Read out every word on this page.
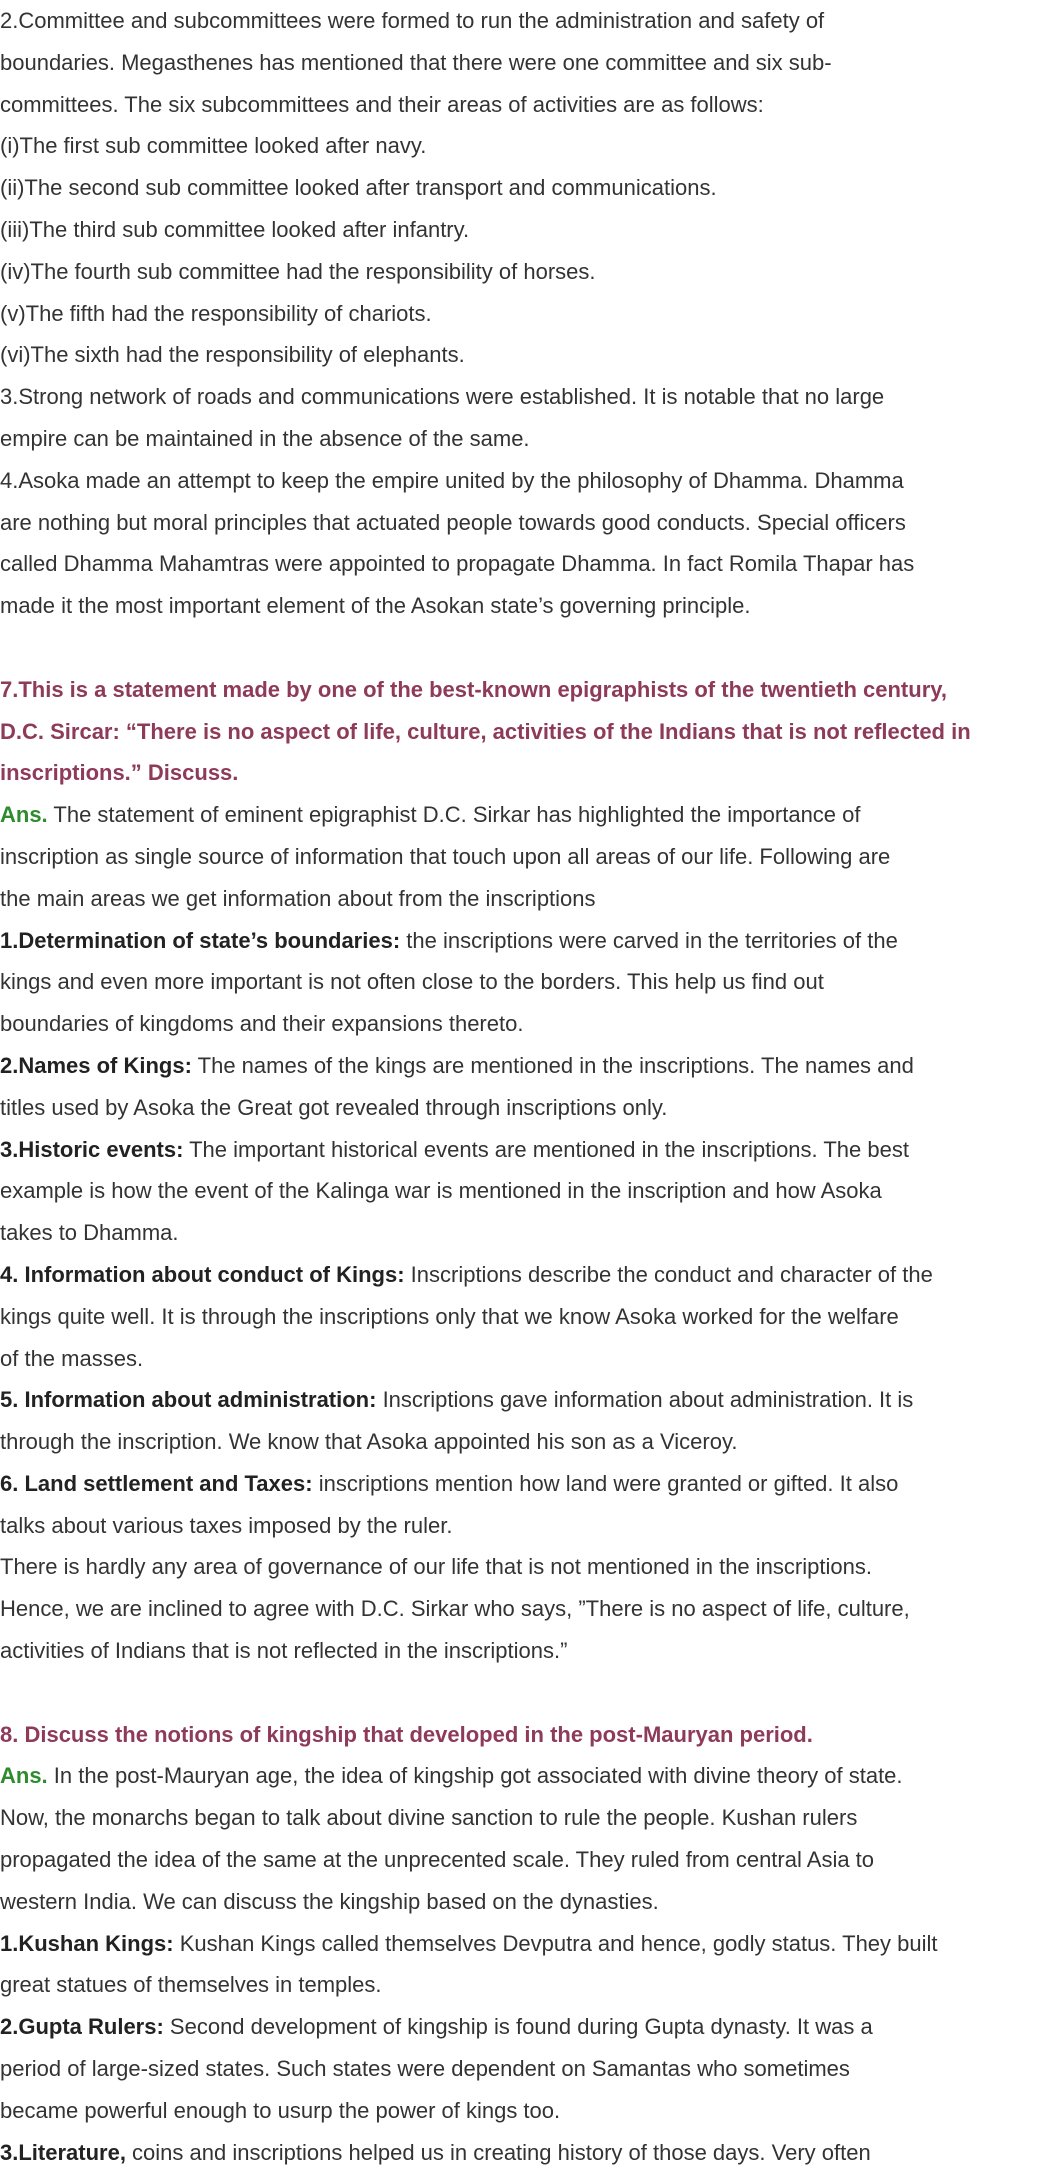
2.Committee and subcommittees were formed to run the administration and safety of

boundaries. Megasthenes has mentioned that there were one committee and six sub-

committees. The six subcommittees and their areas of activities are as follows:

(i)The first sub committee looked after navy.

(ii)The second sub committee looked after transport and communications.

(iii)The third sub committee looked after infantry.

(iv)The fourth sub committee had the responsibility of horses.

(v)The fifth had the responsibility of chariots.

(vi)The sixth had the responsibility of elephants.

3.Strong network of roads and communications were established. It is notable that no large

empire can be maintained in the absence of the same.

4.Asoka made an attempt to keep the empire united by the philosophy of Dhamma. Dhamma

are nothing but moral principles that actuated people towards good conducts. Special officers

called Dhamma Mahamtras were appointed to propagate Dhamma. In fact Romila Thapar has

made it the most important element of the Asokan state’s governing principle.

7.This is a statement made by one of the best-known epigraphists of the twentieth century,

D.C. Sircar: “There is no aspect of life, culture, activities of the Indians that is not reflected in

inscriptions.” Discuss.

Ans. The statement of eminent epigraphist D.C. Sirkar has highlighted the importance of

inscription as single source of information that touch upon all areas of our life. Following are

the main areas we get information about from the inscriptions

1.Determination of state’s boundaries: the inscriptions were carved in the territories of the

kings and even more important is not often close to the borders. This help us find out

boundaries of kingdoms and their expansions thereto.

2.Names of Kings: The names of the kings are mentioned in the inscriptions. The names and

titles used by Asoka the Great got revealed through inscriptions only.

3.Historic events: The important historical events are mentioned in the inscriptions. The best

example is how the event of the Kalinga war is mentioned in the inscription and how Asoka

takes to Dhamma.

4. Information about conduct of Kings: Inscriptions describe the conduct and character of the

kings quite well. It is through the inscriptions only that we know Asoka worked for the welfare

of the masses.

5. Information about administration: Inscriptions gave information about administration. It is

through the inscription. We know that Asoka appointed his son as a Viceroy.

6. Land settlement and Taxes: inscriptions mention how land were granted or gifted. It also

talks about various taxes imposed by the ruler.

There is hardly any area of governance of our life that is not mentioned in the inscriptions.

Hence, we are inclined to agree with D.C. Sirkar who says, ”There is no aspect of life, culture,

activities of Indians that is not reflected in the inscriptions.”

8. Discuss the notions of kingship that developed in the post-Mauryan period.

Ans. In the post-Mauryan age, the idea of kingship got associated with divine theory of state.

Now, the monarchs began to talk about divine sanction to rule the people. Kushan rulers

propagated the idea of the same at the unprecented scale. They ruled from central Asia to

western India. We can discuss the kingship based on the dynasties.

1.Kushan Kings: Kushan Kings called themselves Devputra and hence, godly status. They built

great statues of themselves in temples.

2.Gupta Rulers: Second development of kingship is found during Gupta dynasty. It was a

period of large-sized states. Such states were dependent on Samantas who sometimes

became powerful enough to usurp the power of kings too.

3.Literature, coins and inscriptions helped us in creating history of those days. Very often
